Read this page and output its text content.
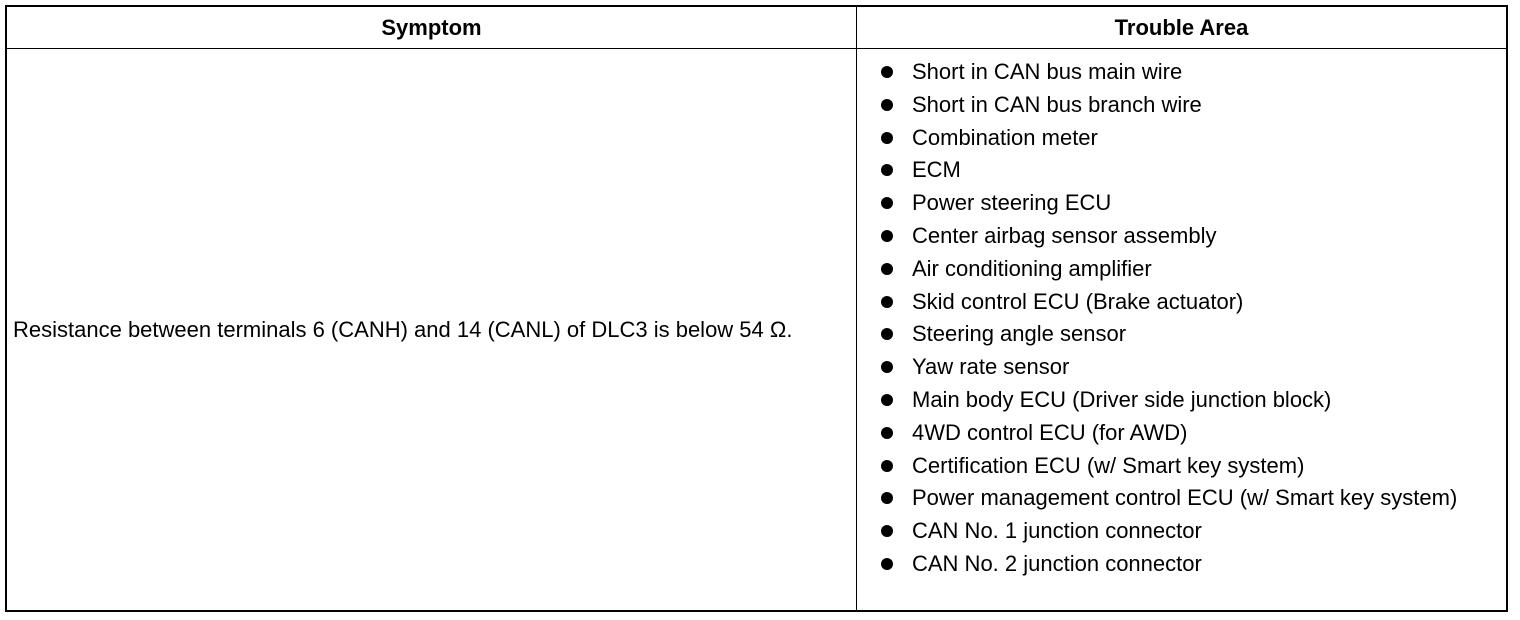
Symptom	Trouble Area
Resistance between terminals 6 (CANH) and 14 (CANL) of DLC3 is below 54 Ω.
Short in CAN bus main wire
Short in CAN bus branch wire
Combination meter
ECM
Power steering ECU
Center airbag sensor assembly
Air conditioning amplifier
Skid control ECU (Brake actuator)
Steering angle sensor
Yaw rate sensor
Main body ECU (Driver side junction block)
4WD control ECU (for AWD)
Certification ECU (w/ Smart key system)
Power management control ECU (w/ Smart key system)
CAN No. 1 junction connector
CAN No. 2 junction connector
